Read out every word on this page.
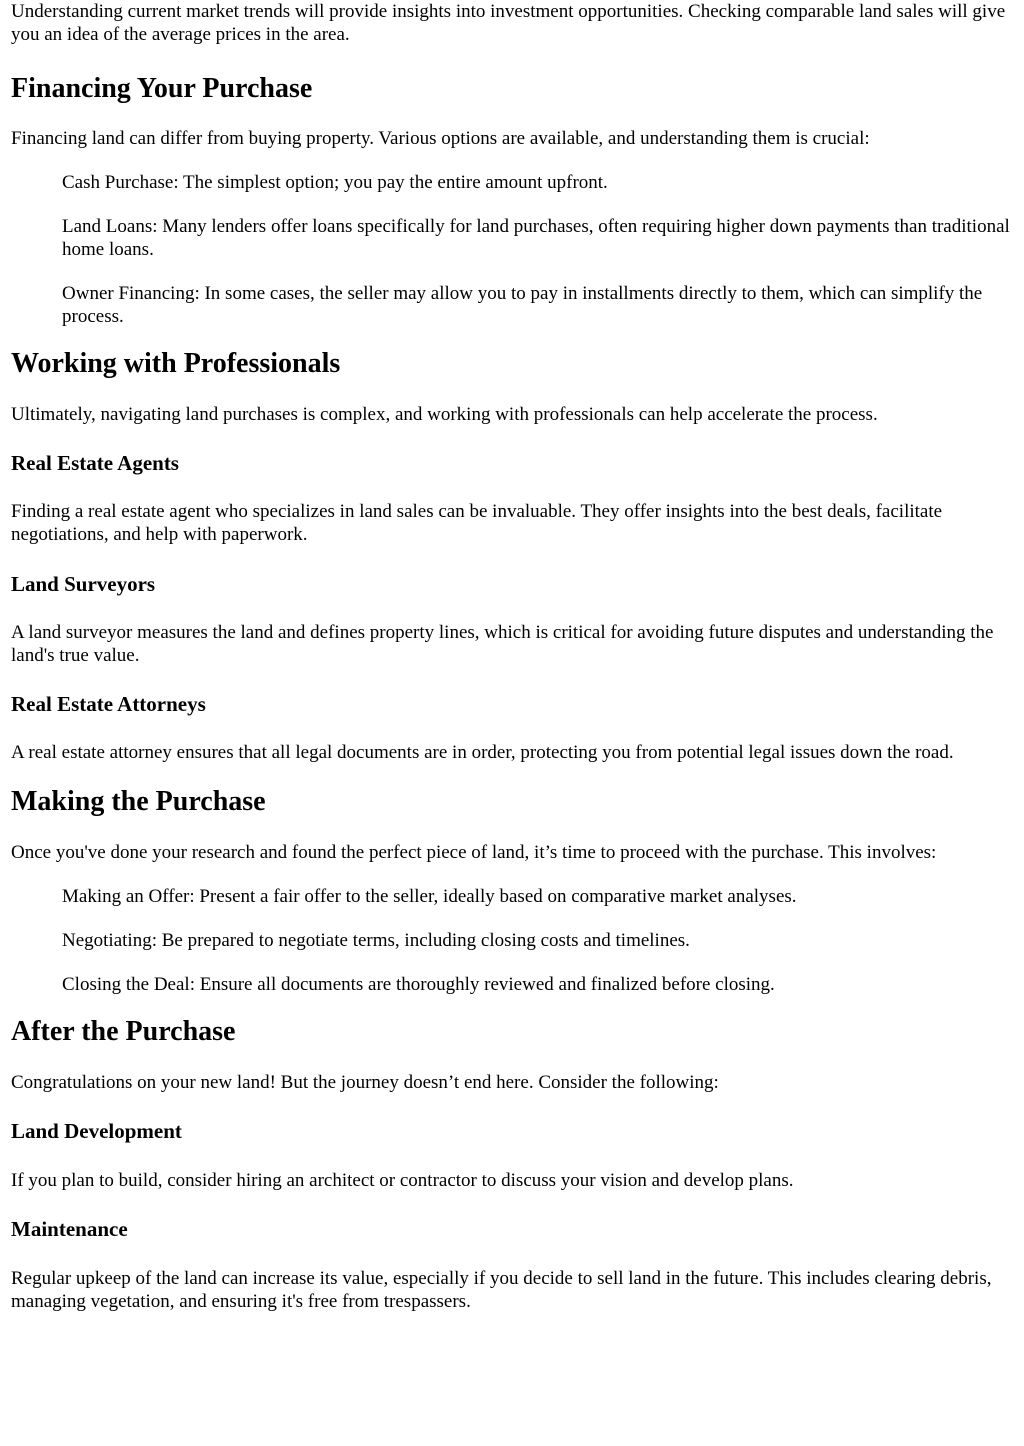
Understanding current market trends will provide insights into investment opportunities. Checking comparable land sales will give you an idea of the average prices in the area.

Financing Your Purchase

Financing land can differ from buying property. Various options are available, and understanding them is crucial:

Cash Purchase: The simplest option; you pay the entire amount upfront.
Land Loans: Many lenders offer loans specifically for land purchases, often requiring higher down payments than traditional home loans.
Owner Financing: In some cases, the seller may allow you to pay in installments directly to them, which can simplify the process.
Working with Professionals

Ultimately, navigating land purchases is complex, and working with professionals can help accelerate the process.

Real Estate Agents

Finding a real estate agent who specializes in land sales can be invaluable. They offer insights into the best deals, facilitate negotiations, and help with paperwork.

Land Surveyors

A land surveyor measures the land and defines property lines, which is critical for avoiding future disputes and understanding the land's true value.

Real Estate Attorneys

A real estate attorney ensures that all legal documents are in order, protecting you from potential legal issues down the road.

Making the Purchase

Once you've done your research and found the perfect piece of land, it’s time to proceed with the purchase. This involves:

Making an Offer: Present a fair offer to the seller, ideally based on comparative market analyses.
Negotiating: Be prepared to negotiate terms, including closing costs and timelines.
Closing the Deal: Ensure all documents are thoroughly reviewed and finalized before closing.
After the Purchase

Congratulations on your new land! But the journey doesn’t end here. Consider the following:

Land Development

If you plan to build, consider hiring an architect or contractor to discuss your vision and develop plans.

Maintenance

Regular upkeep of the land can increase its value, especially if you decide to sell land in the future. This includes clearing debris, managing vegetation, and ensuring it's free from trespassers.
